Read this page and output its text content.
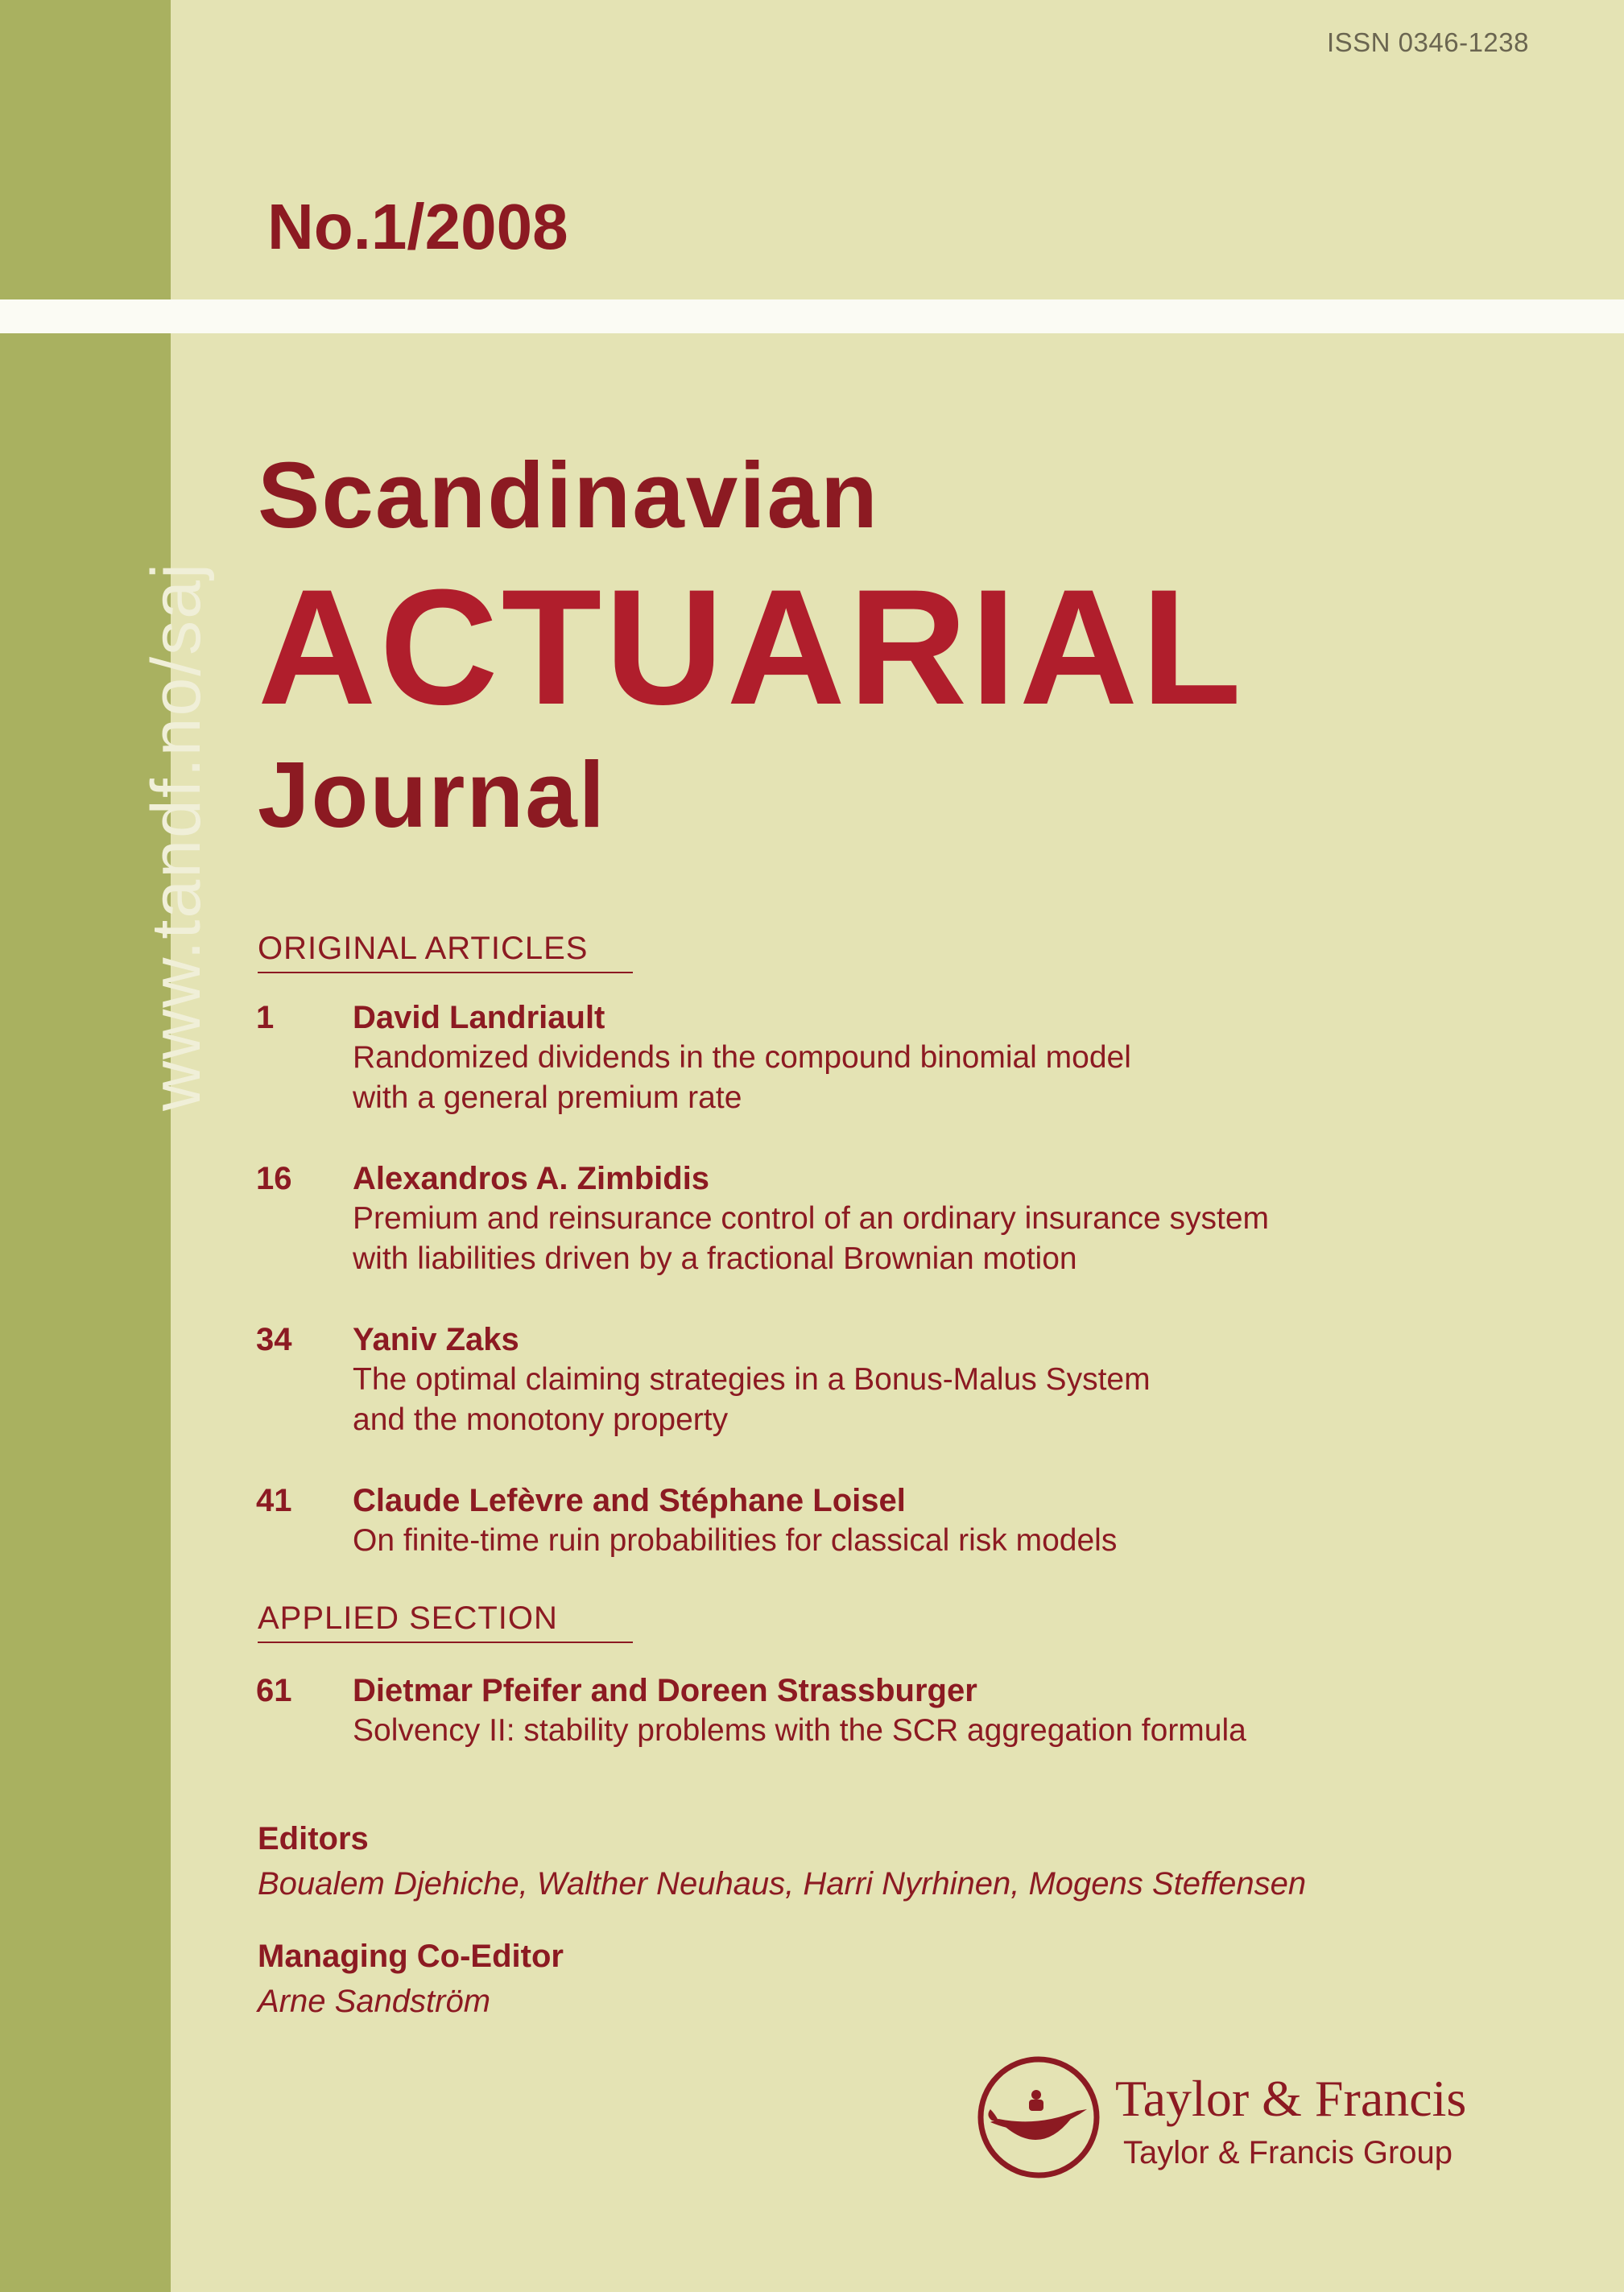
ISSN 0346-1238
No.1/2008
www.tandf.no/saj
Scandinavian
ACTUARIAL
Journal
ORIGINAL ARTICLES
1 David Landriault
Randomized dividends in the compound binomial model
with a general premium rate
16 Alexandros A. Zimbidis
Premium and reinsurance control of an ordinary insurance system
with liabilities driven by a fractional Brownian motion
34 Yaniv Zaks
The optimal claiming strategies in a Bonus-Malus System
and the monotony property
41 Claude Lefèvre and Stéphane Loisel
On finite-time ruin probabilities for classical risk models
APPLIED SECTION
61 Dietmar Pfeifer and Doreen Strassburger
Solvency II: stability problems with the SCR aggregation formula
Editors
Boualem Djehiche, Walther Neuhaus, Harri Nyrhinen, Mogens Steffensen
Managing Co-Editor
Arne Sandström
Taylor & Francis
Taylor & Francis Group
